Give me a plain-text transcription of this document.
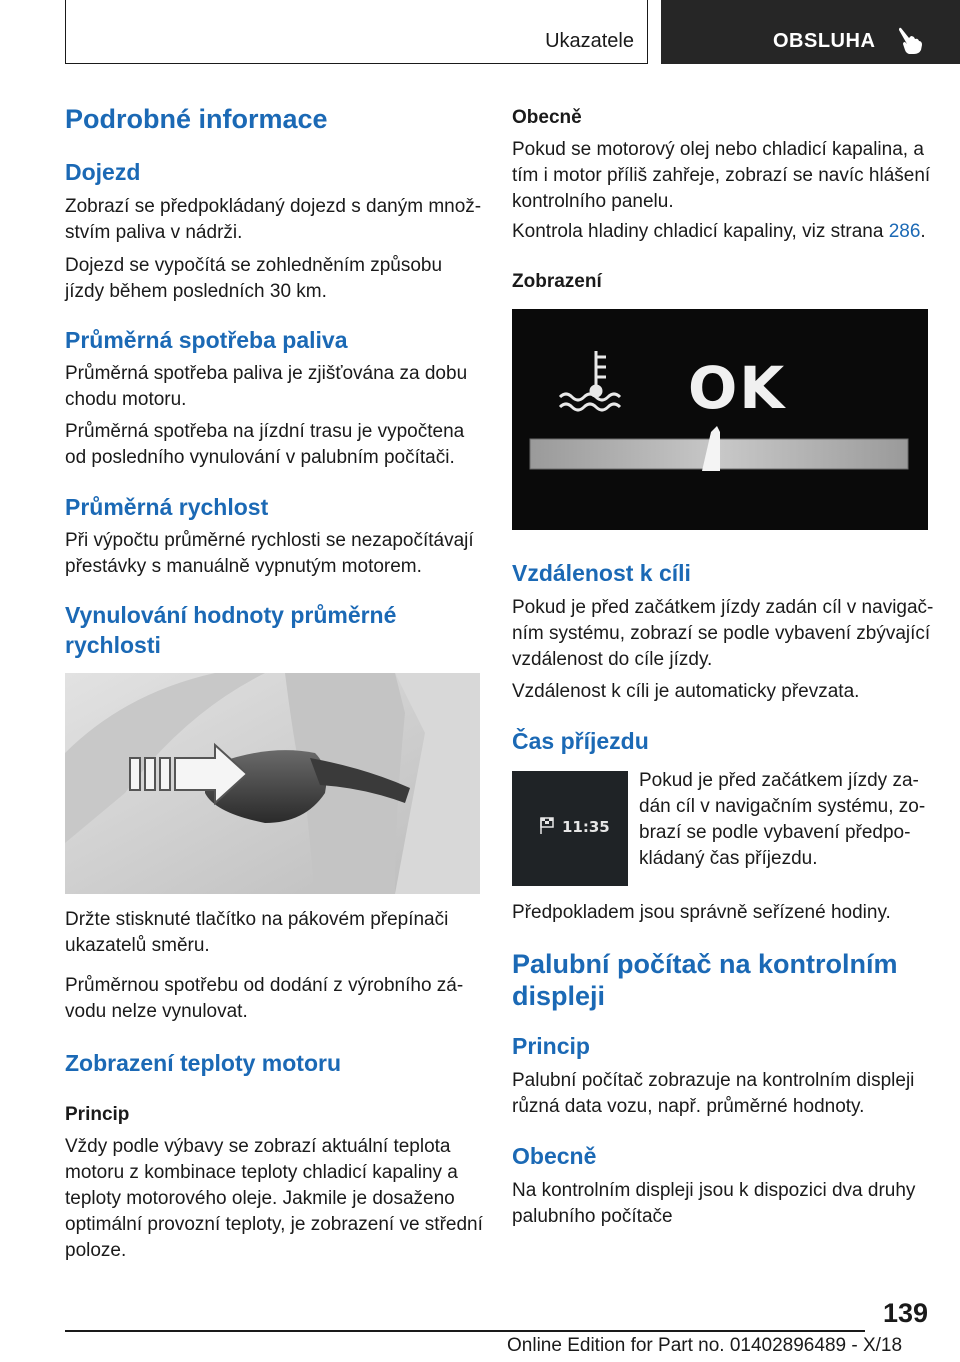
Ukazatele	OBSLUHA
Podrobné informace
Dojezd

Zobrazí se předpokládaný dojezd s daným množ‐

stvím paliva v nádrži.

Dojezd se vypočítá se zohledněním způsobu

jízdy během posledních 30 km.

Průměrná spotřeba paliva

Průměrná spotřeba paliva je zjišťována za dobu

chodu motoru.

Průměrná spotřeba na jízdní trasu je vypočtena

od posledního vynulování v palubním počítači.

Průměrná rychlost

Při výpočtu průměrné rychlosti se nezapočítávají

přestávky s manuálně vypnutým motorem.

Vynulování hodnoty průměrné
rychlosti

Držte stisknuté tlačítko na pákovém přepínači

ukazatelů směru.

Průměrnou spotřebu od dodání z výrobního zá‐

vodu nelze vynulovat.

Zobrazení teploty motoru
Princip

Vždy podle výbavy se zobrazí aktuální teplota

motoru z kombinace teploty chladicí kapaliny a

teploty motorového oleje. Jakmile je dosaženo

optimální provozní teploty, je zobrazení ve střední

poloze.

Obecně

Pokud se motorový olej nebo chladicí kapalina, a

tím i motor příliš zahřeje, zobrazí se navíc hlášení

kontrolního panelu.

Kontrola hladiny chladicí kapaliny, viz strana 286.

Zobrazení
OK
Vzdálenost k cíli

Pokud je před začátkem jízdy zadán cíl v navigač‐

ním systému, zobrazí se podle vybavení zbývající

vzdálenost do cíle jízdy.

Vzdálenost k cíli je automaticky převzata.

Čas příjezdu
11:35

Pokud je před začátkem jízdy za‐

dán cíl v navigačním systému, zo‐

brazí se podle vybavení předpo‐

kládaný čas příjezdu.

Předpokladem jsou správně seřízené hodiny.

Palubní počítač na kontrolním
displeji
Princip

Palubní počítač zobrazuje na kontrolním displeji

různá data vozu, např. průměrné hodnoty.

Obecně

Na kontrolním displeji jsou k dispozici dva druhy

palubního počítače

139
Online Edition for Part no. 01402896489 - X/18
